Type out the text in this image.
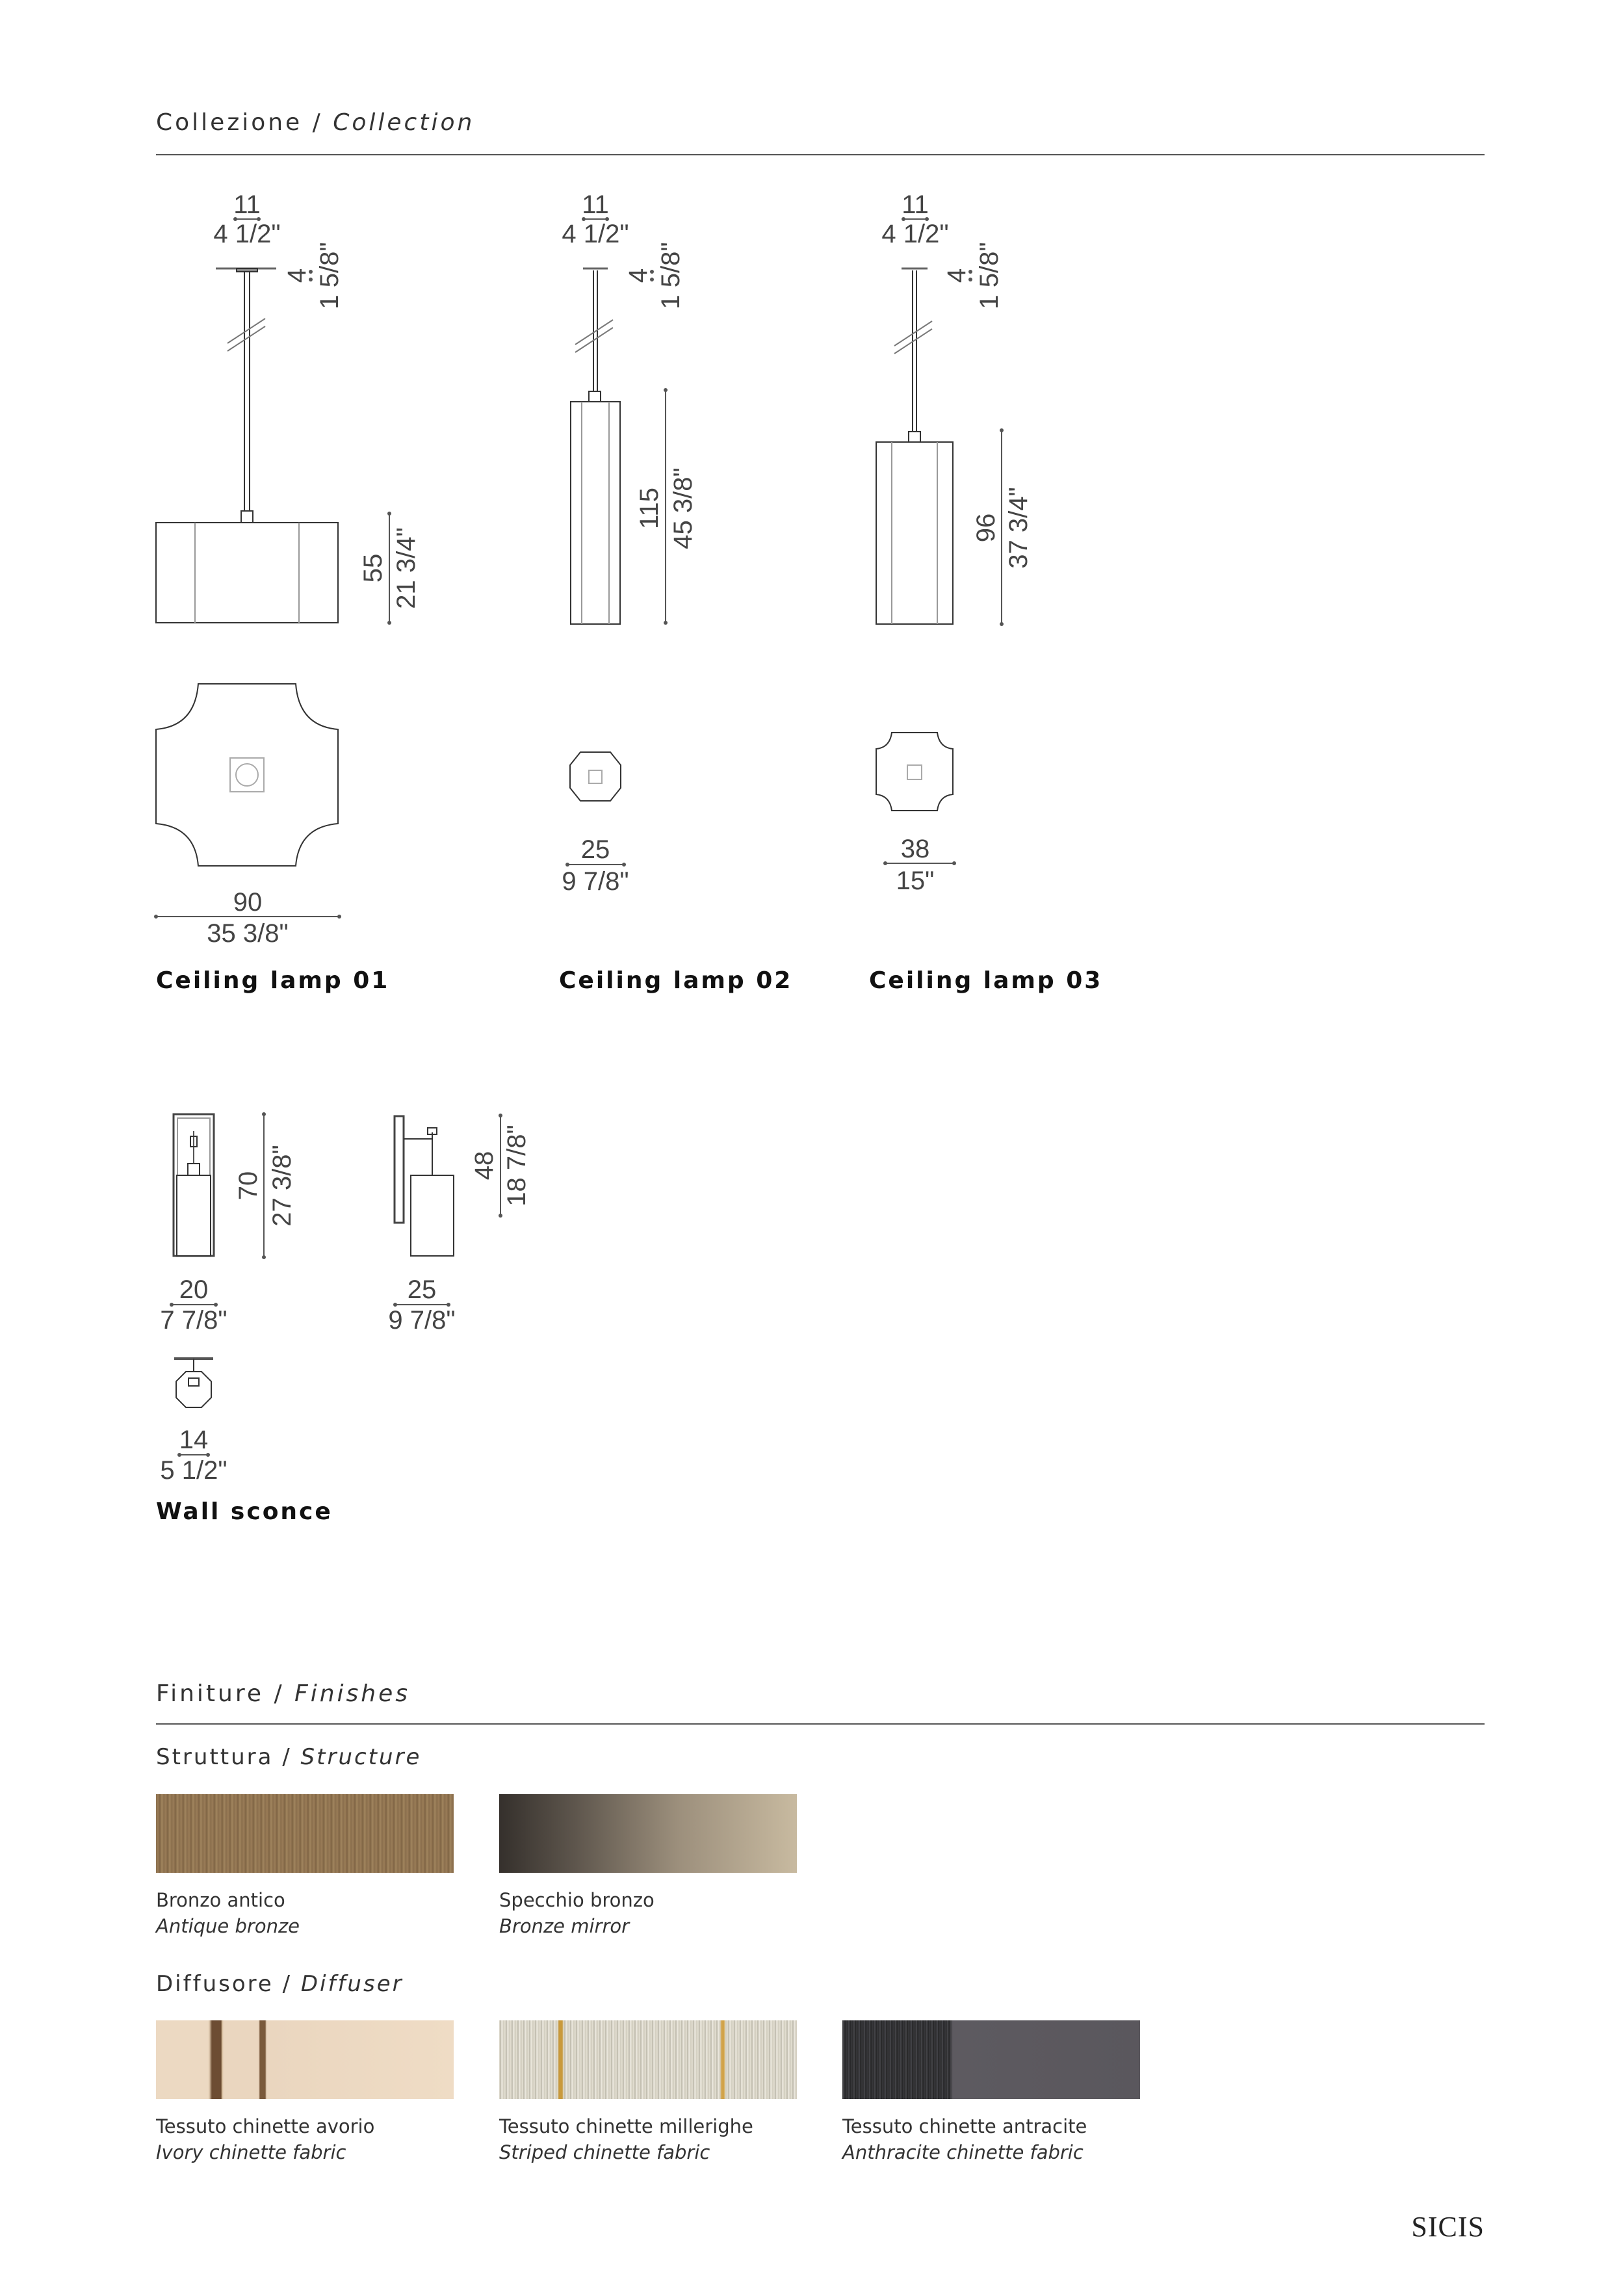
Collezione / Collection
11
4 1/2"
4 1 5/8"
55 21 3/4"
90
35 3/8"
11
4 1/2"
4 1 5/8"
115 45 3/8"
25
9 7/8"
11
4 1/2"
4 1 5/8"
96 37 3/4"
38
15"
70 27 3/8"
20
7 7/8"
48 18 7/8"
25
9 7/8"
14
5 1/2"
Ceiling lamp 01	Ceiling lamp 02	Ceiling lamp 03
Wall sconce
Finiture / Finishes
Struttura / Structure
Bronzo antico
Antique bronze
Specchio bronzo
Bronze mirror
Diffusore / Diffuser
Tessuto chinette avorio
Ivory chinette fabric
Tessuto chinette millerighe
Striped chinette fabric
Tessuto chinette antracite
Anthracite chinette fabric
SICIS
